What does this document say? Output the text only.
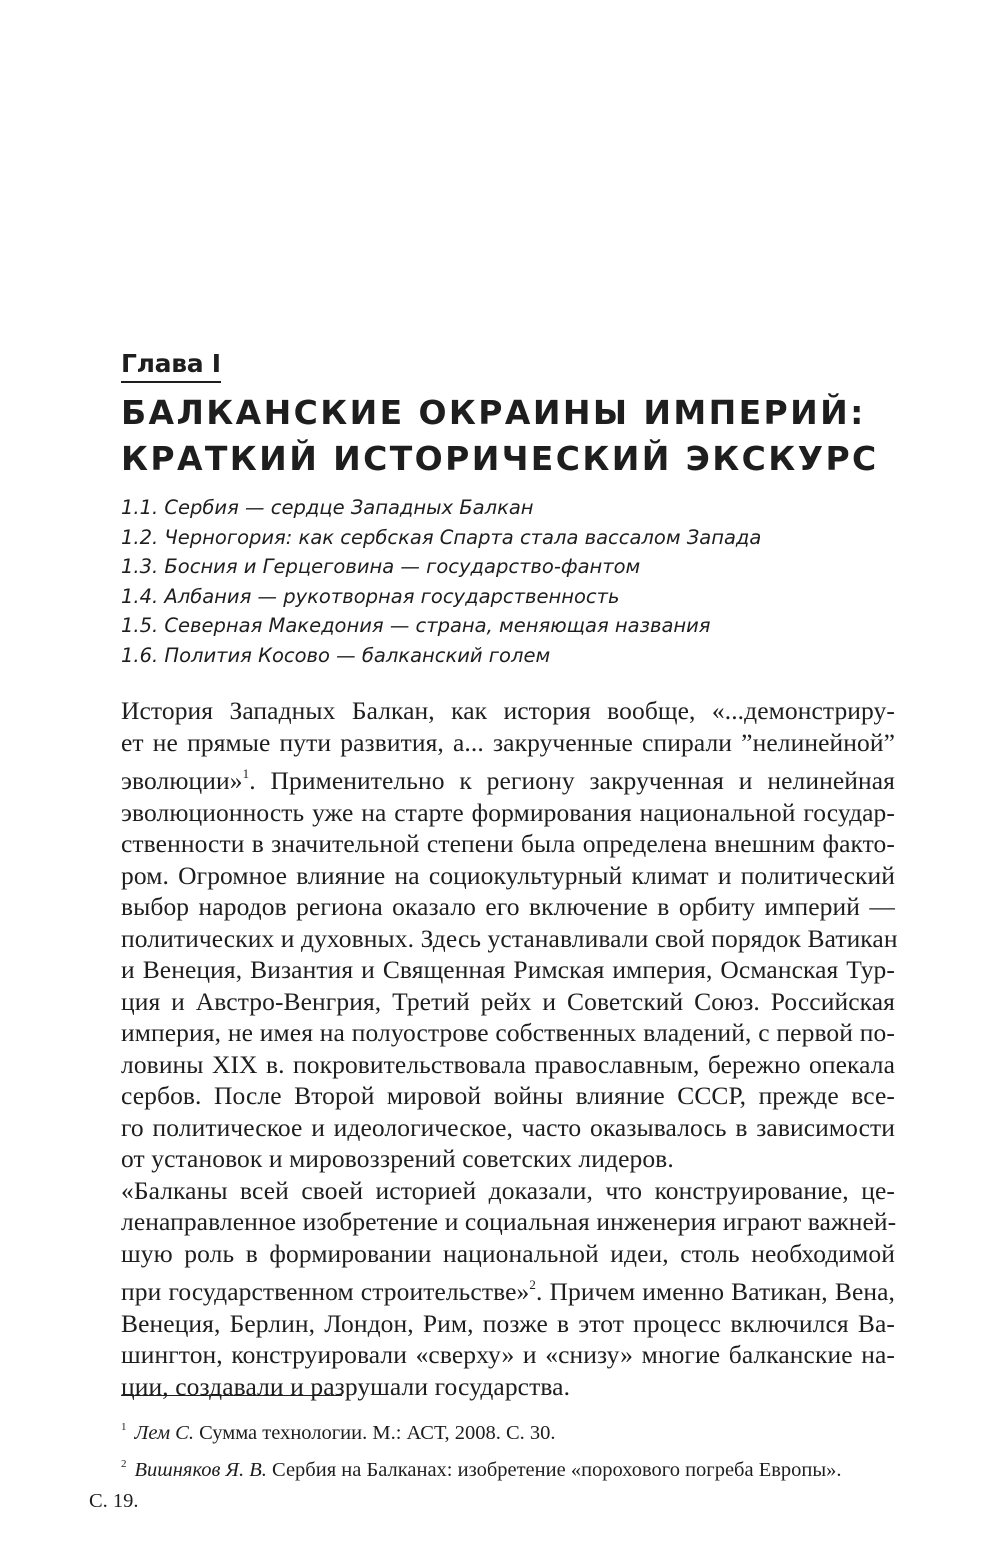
Глава I
БАЛКАНСКИЕ ОКРАИНЫ ИМПЕРИЙ:
КРАТКИЙ ИСТОРИЧЕСКИЙ ЭКСКУРС
1.1. Сербия — сердце Западных Балкан
1.2. Черногория: как сербская Спарта стала вассалом Запада
1.3. Босния и Герцеговина — государство-фантом
1.4. Албания — рукотворная государственность
1.5. Северная Македония — страна, меняющая названия
1.6. Полития Косово — балканский голем
История Западных Балкан, как история вообще, «...демонстриру-
ет не прямые пути развития, а... закрученные спирали ”нелинейной”
эволюции»$^1$. Применительно к региону закрученная и нелинейная
эволюционность уже на старте формирования национальной государ-
ственности в значительной степени была определена внешним факто-
ром. Огромное влияние на социокультурный климат и политический
выбор народов региона оказало его включение в орбиту империй —
политических и духовных. Здесь устанавливали свой порядок Ватикан
и Венеция, Византия и Священная Римская империя, Османская Тур-
ция и Австро-Венгрия, Третий рейх и Советский Союз. Российская
империя, не имея на полуострове собственных владений, с первой по-
ловины XIX в. покровительствовала православным, бережно опекала
сербов. После Второй мировой войны влияние СССР, прежде все-
го политическое и идеологическое, часто оказывалось в зависимости
от установок и мировоззрений советских лидеров.
«Балканы всей своей историей доказали, что конструирование, це-
ленаправленное изобретение и социальная инженерия играют важней-
шую роль в формировании национальной идеи, столь необходимой
при государственном строительстве»$^2$. Причем именно Ватикан, Вена,
Венеция, Берлин, Лондон, Рим, позже в этот процесс включился Ва-
шингтон, конструировали «сверху» и «снизу» многие балканские на-
ции, создавали и разрушали государства.
$^1$ Лем С. Сумма технологии. М.: АСТ, 2008. С. 30.
$^2$ Вишняков Я. В. Сербия на Балканах: изобретение «порохового погреба Европы».
С. 19.
